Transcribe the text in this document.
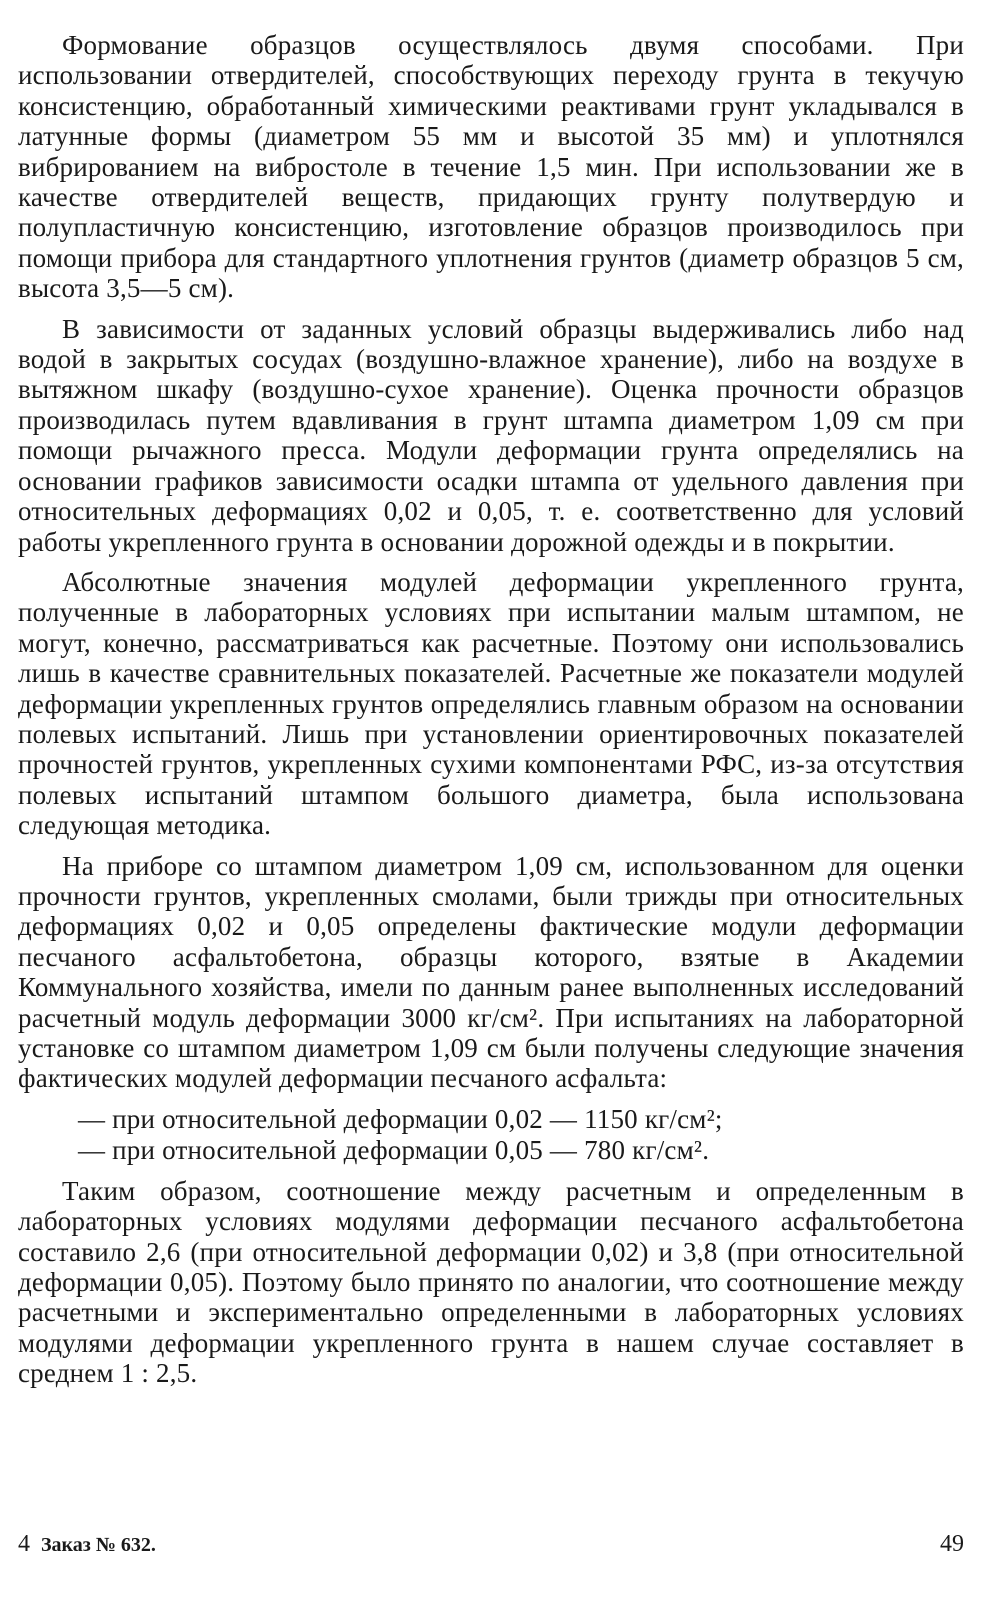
Формование образцов осуществлялось двумя способами. При использовании отвердителей, способствующих переходу грунта в текучую консистенцию, обработанный химическими реактивами грунт укладывался в латунные формы (диаметром 55 мм и высотой 35 мм) и уплотнялся вибрированием на вибростоле в течение 1,5 мин. При использовании же в качестве отвердителей веществ, придающих грунту полутвердую и полупластичную консистенцию, изготовление образцов производилось при помощи прибора для стандартного уплотнения грунтов (диаметр образцов 5 см, высота 3,5—5 см).

В зависимости от заданных условий образцы выдерживались либо над водой в закрытых сосудах (воздушно-влажное хранение), либо на воздухе в вытяжном шкафу (воздушно-сухое хранение). Оценка прочности образцов производилась путем вдавливания в грунт штампа диаметром 1,09 см при помощи рычажного пресса. Модули деформации грунта определялись на основании графиков зависимости осадки штампа от удельного давления при относительных деформациях 0,02 и 0,05, т. е. соответственно для условий работы укрепленного грунта в основании дорожной одежды и в покрытии.

Абсолютные значения модулей деформации укрепленного грунта, полученные в лабораторных условиях при испытании малым штампом, не могут, конечно, рассматриваться как расчетные. Поэтому они использовались лишь в качестве сравнительных показателей. Расчетные же показатели модулей деформации укрепленных грунтов определялись главным образом на основании полевых испытаний. Лишь при установлении ориентировочных показателей прочностей грунтов, укрепленных сухими компонентами РФС, из-за отсутствия полевых испытаний штампом большого диаметра, была использована следующая методика.

На приборе со штампом диаметром 1,09 см, использованном для оценки прочности грунтов, укрепленных смолами, были трижды при относительных деформациях 0,02 и 0,05 определены фактические модули деформации песчаного асфальтобетона, образцы которого, взятые в Академии Коммунального хозяйства, имели по данным ранее выполненных исследований расчетный модуль деформации 3000 кг/см². При испытаниях на лабораторной установке со штампом диаметром 1,09 см были получены следующие значения фактических модулей деформации песчаного асфальта:

— при относительной деформации 0,02 — 1150 кг/см²;

— при относительной деформации 0,05 — 780 кг/см².

Таким образом, соотношение между расчетным и определенным в лабораторных условиях модулями деформации песчаного асфальтобетона составило 2,6 (при относительной деформации 0,02) и 3,8 (при относительной деформации 0,05). Поэтому было принято по аналогии, что соотношение между расчетными и экспериментально определенными в лабораторных условиях модулями деформации укрепленного грунта в нашем случае составляет в среднем 1 : 2,5.

4 Заказ № 632.	49
